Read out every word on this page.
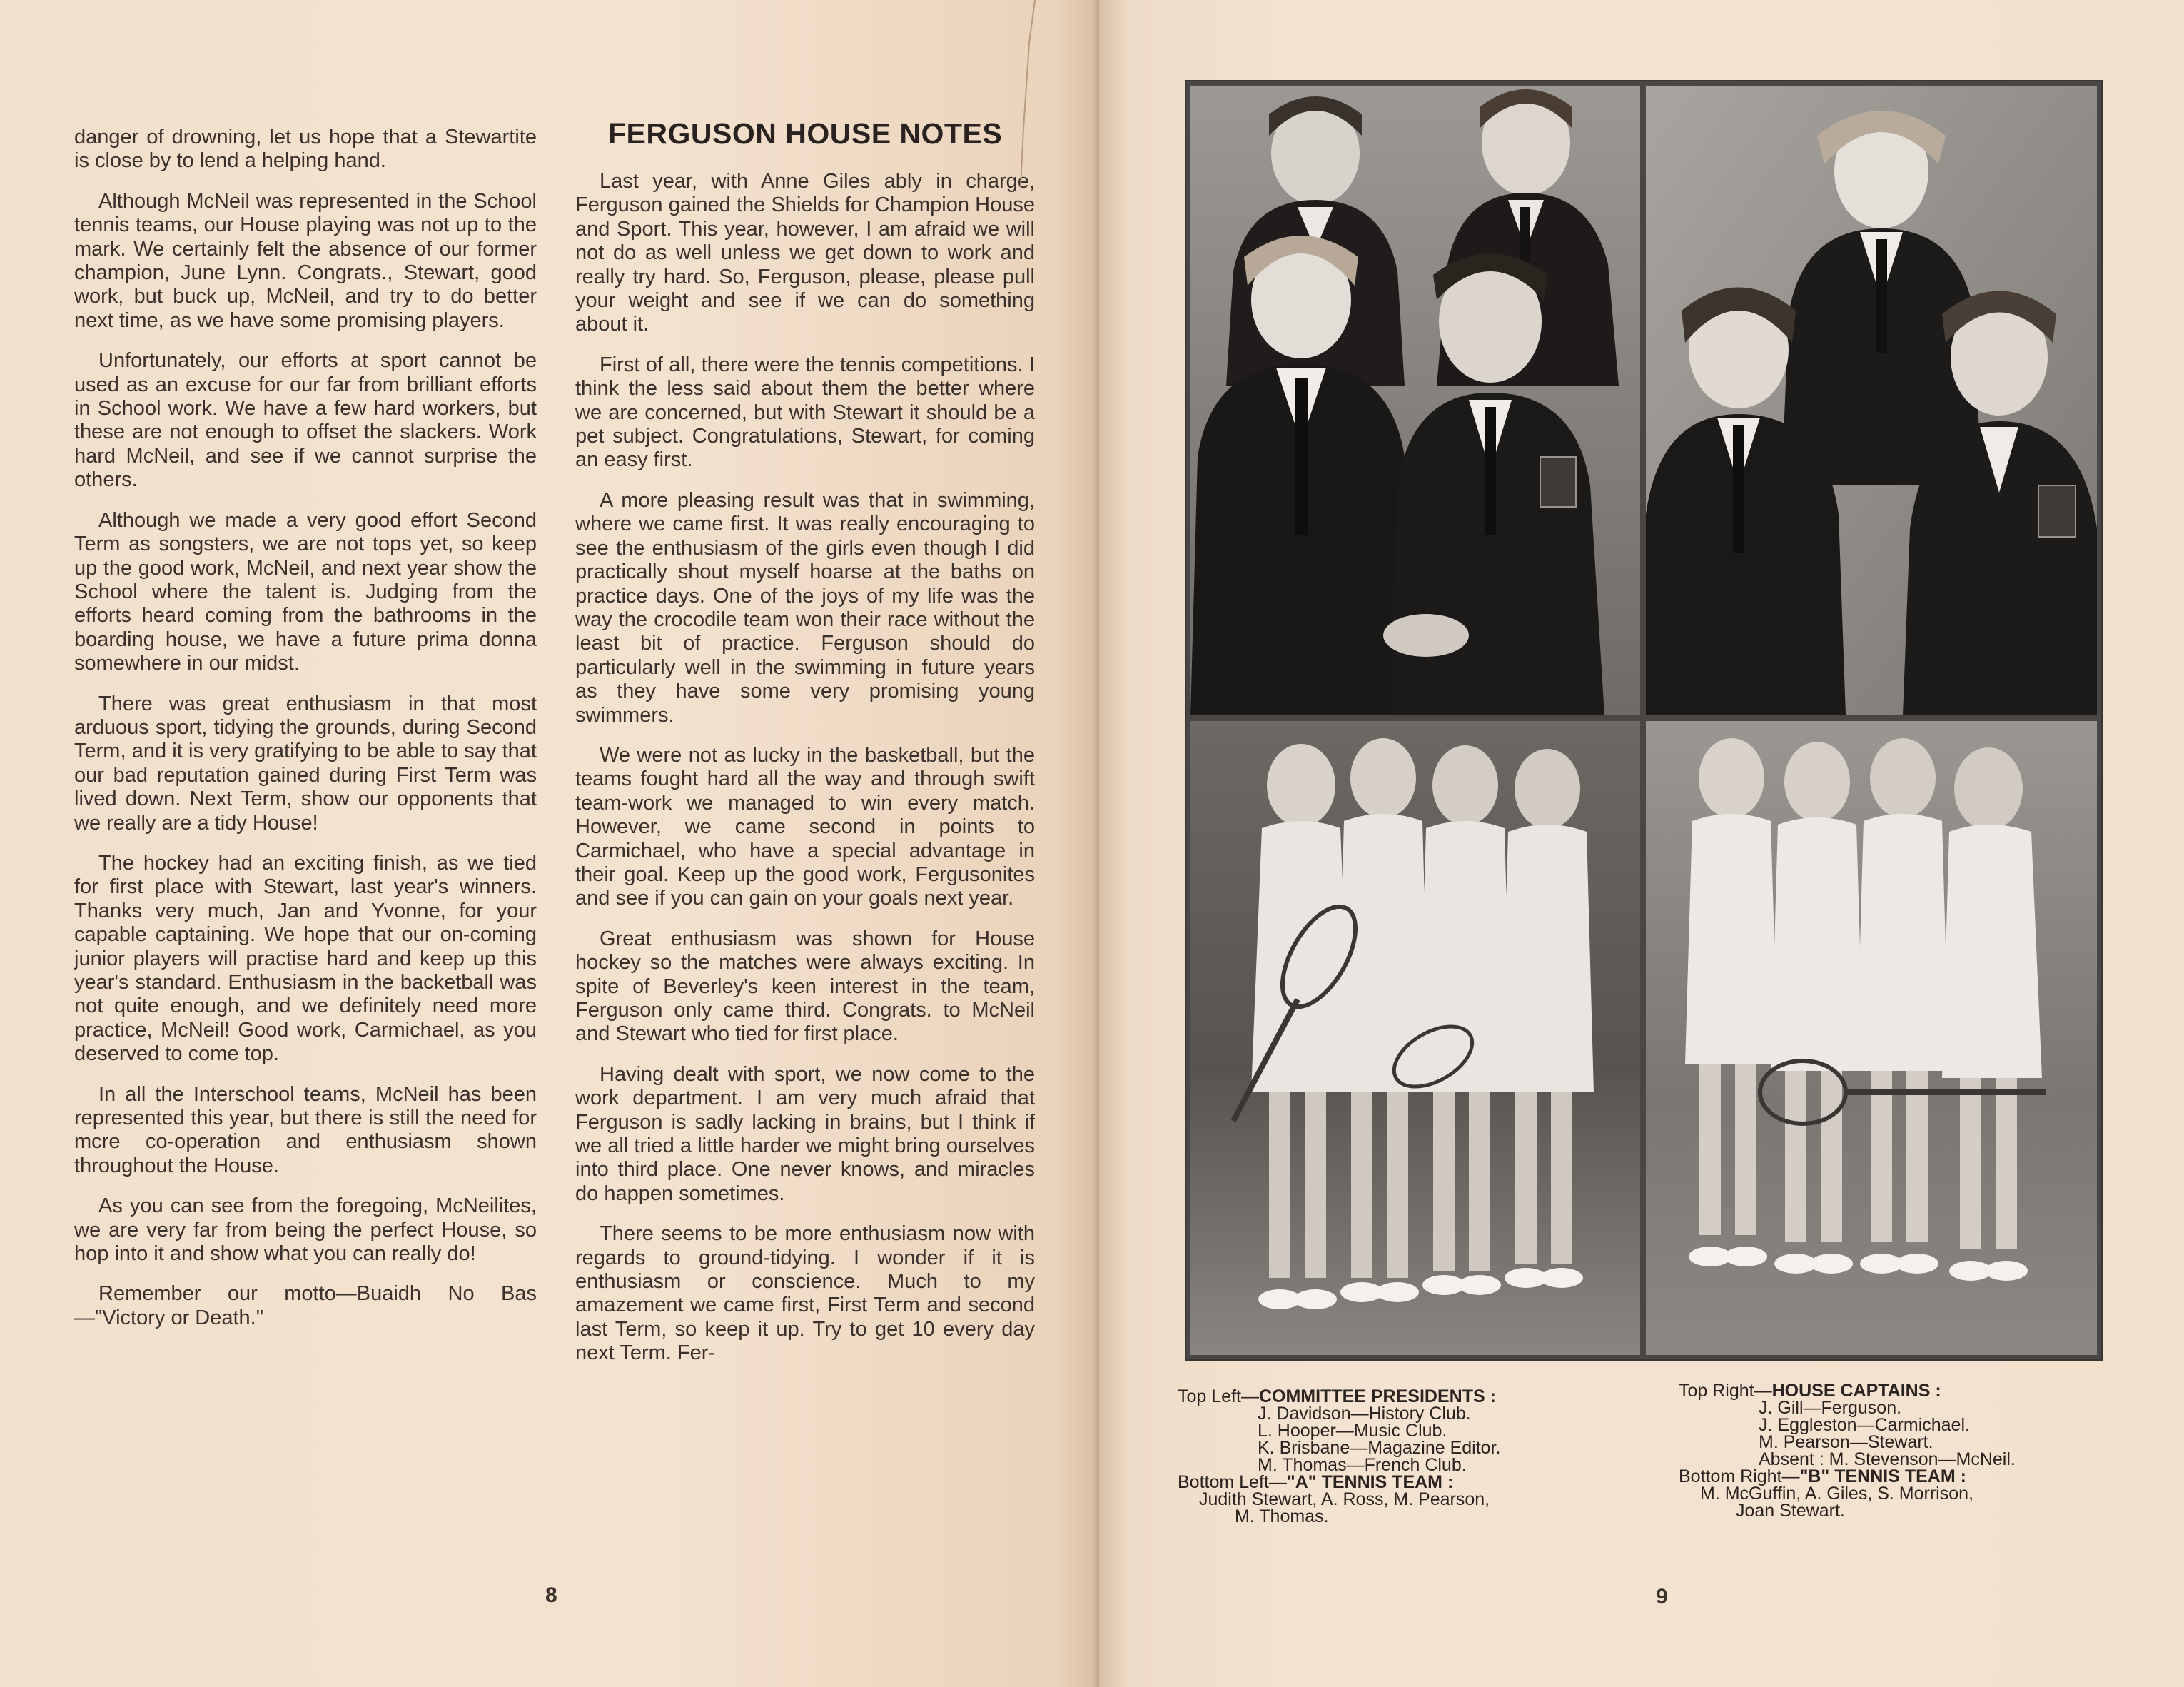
danger of drowning, let us hope that a Stewartite is close by to lend a helping hand.

Although McNeil was represented in the School tennis teams, our House playing was not up to the mark. We certainly felt the absence of our former champion, June Lynn. Congrats., Stewart, good work, but buck up, McNeil, and try to do better next time, as we have some promising players.

Unfortunately, our efforts at sport cannot be used as an excuse for our far from brilliant efforts in School work. We have a few hard workers, but these are not enough to offset the slackers. Work hard McNeil, and see if we cannot surprise the others.

Although we made a very good effort Second Term as songsters, we are not tops yet, so keep up the good work, McNeil, and next year show the School where the talent is. Judging from the efforts heard coming from the bathrooms in the boarding house, we have a future prima donna somewhere in our midst.

There was great enthusiasm in that most arduous sport, tidying the grounds, during Second Term, and it is very gratifying to be able to say that our bad reputation gained during First Term was lived down. Next Term, show our opponents that we really are a tidy House!

The hockey had an exciting finish, as we tied for first place with Stewart, last year's winners. Thanks very much, Jan and Yvonne, for your capable captaining. We hope that our on-coming junior players will practise hard and keep up this year's standard. Enthusiasm in the backetball was not quite enough, and we definitely need more practice, McNeil! Good work, Carmichael, as you deserved to come top.

In all the Interschool teams, McNeil has been represented this year, but there is still the need for mcre co-operation and enthusiasm shown throughout the House.

As you can see from the foregoing, McNeilites, we are very far from being the perfect House, so hop into it and show what you can really do!

Remember our motto—Buaidh No Bas—"Victory or Death."

FERGUSON HOUSE NOTES

Last year, with Anne Giles ably in charge, Ferguson gained the Shields for Champion House and Sport. This year, however, I am afraid we will not do as well unless we get down to work and really try hard. So, Ferguson, please, please pull your weight and see if we can do something about it.

First of all, there were the tennis competitions. I think the less said about them the better where we are concerned, but with Stewart it should be a pet subject. Congratulations, Stewart, for coming an easy first.

A more pleasing result was that in swimming, where we came first. It was really encouraging to see the enthusiasm of the girls even though I did practically shout myself hoarse at the baths on practice days. One of the joys of my life was the way the crocodile team won their race without the least bit of practice. Ferguson should do particularly well in the swimming in future years as they have some very promising young swimmers.

We were not as lucky in the basketball, but the teams fought hard all the way and through swift team-work we managed to win every match. However, we came second in points to Carmichael, who have a special advantage in their goal. Keep up the good work, Fergusonites and see if you can gain on your goals next year.

Great enthusiasm was shown for House hockey so the matches were always exciting. In spite of Beverley's keen interest in the team, Ferguson only came third. Congrats. to McNeil and Stewart who tied for first place.

Having dealt with sport, we now come to the work department. I am very much afraid that Ferguson is sadly lacking in brains, but I think if we all tried a little harder we might bring ourselves into third place. One never knows, and miracles do happen sometimes.

There seems to be more enthusiasm now with regards to ground-tidying. I wonder if it is enthusiasm or conscience. Much to my amazement we came first, First Term and second last Term, so keep it up. Try to get 10 every day next Term. Fer-

8
Top Left—COMMITTEE PRESIDENTS :
J. Davidson—History Club.
L. Hooper—Music Club.
K. Brisbane—Magazine Editor.
M. Thomas—French Club.
Bottom Left—"A" TENNIS TEAM :
Judith Stewart, A. Ross, M. Pearson,
M. Thomas.
Top Right—HOUSE CAPTAINS :
J. Gill—Ferguson.
J. Eggleston—Carmichael.
M. Pearson—Stewart.
Absent : M. Stevenson—McNeil.
Bottom Right—"B" TENNIS TEAM :
M. McGuffin, A. Giles, S. Morrison,
Joan Stewart.
9
